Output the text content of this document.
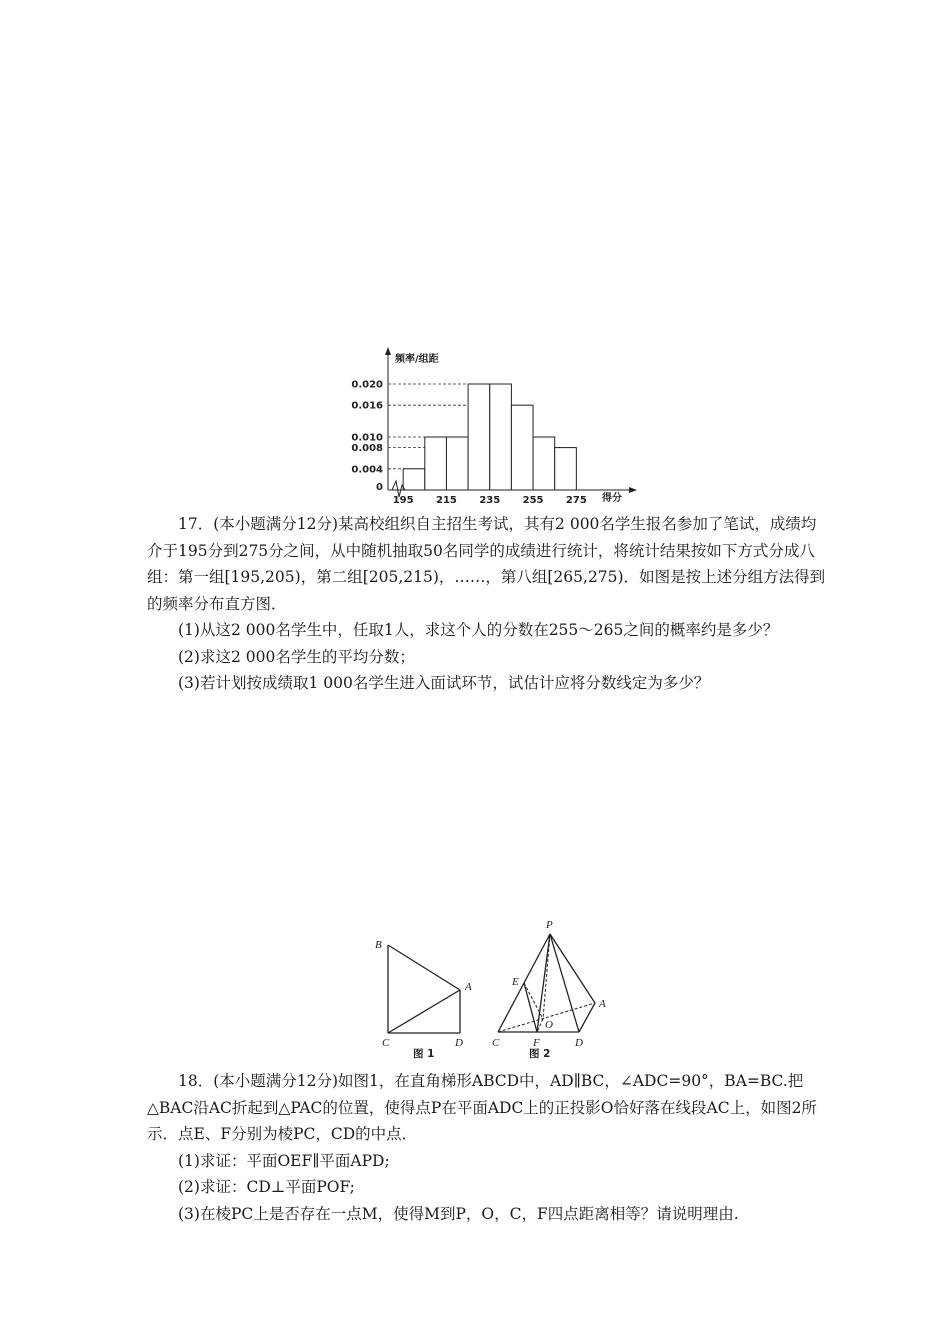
频率/组距
得分
0
0.020
0.016
0.010
0.008
0.004
195 215 235 255 275

17．(本小题满分12分)某高校组织自主招生考试，其有2 000名学生报名参加了笔试，成绩均介于195分到275分之间，从中随机抽取50名同学的成绩进行统计，将统计结果按如下方式分成八组：第一组[195,205)，第二组[205,215)，……，第八组[265,275)．如图是按上述分组方法得到的频率分布直方图．

(1)从这2 000名学生中，任取1人，求这个人的分数在255～265之间的概率约是多少？

(2)求这2 000名学生的平均分数；

(3)若计划按成绩取1 000名学生进入面试环节，试估计应将分数线定为多少？

B
A
C	D
图 1
P
E
A
O
C	F	D
图 2

18．(本小题满分12分)如图1，在直角梯形ABCD中，AD∥BC，∠ADC=90°，BA=BC.把△BAC沿AC折起到△PAC的位置，使得点P在平面ADC上的正投影O恰好落在线段AC上，如图2所示．点E、F分别为棱PC，CD的中点．

(1)求证：平面OEF∥平面APD;

(2)求证：CD⊥平面POF;

(3)在棱PC上是否存在一点M，使得M到P，O，C，F四点距离相等？请说明理由.
